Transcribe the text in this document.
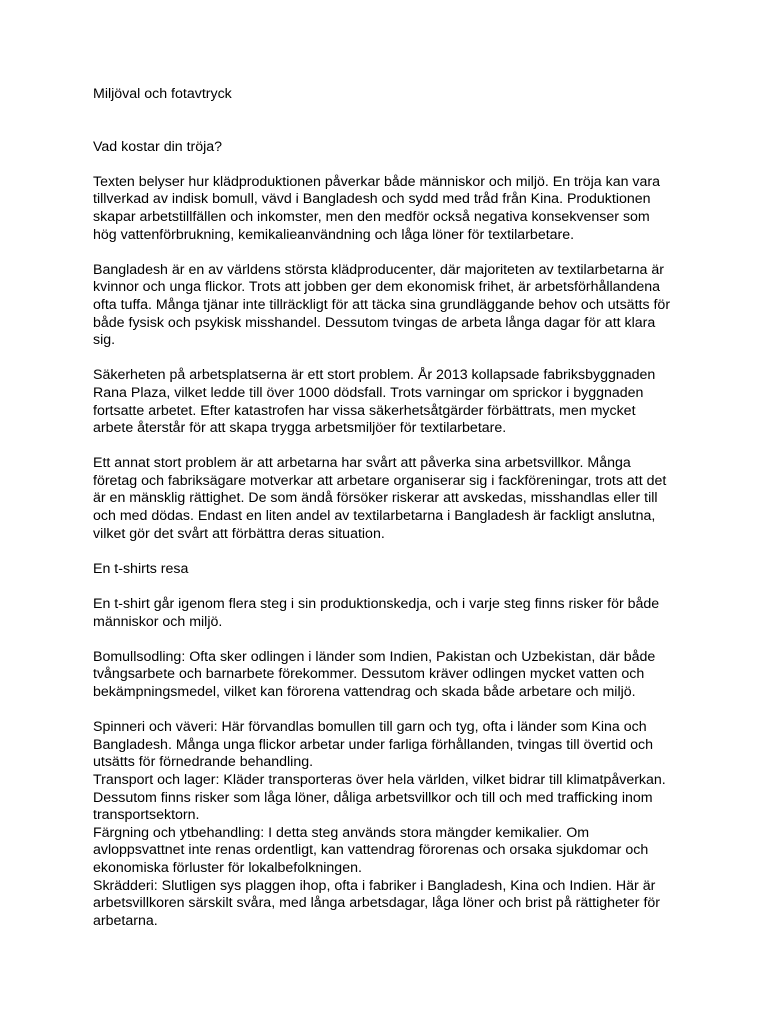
Miljöval och fotavtryck

Vad kostar din tröja?

Texten belyser hur klädproduktionen påverkar både människor och miljö. En tröja kan vara

tillverkad av indisk bomull, vävd i Bangladesh och sydd med tråd från Kina. Produktionen

skapar arbetstillfällen och inkomster, men den medför också negativa konsekvenser som

hög vattenförbrukning, kemikalieanvändning och låga löner för textilarbetare.

Bangladesh är en av världens största klädproducenter, där majoriteten av textilarbetarna är

kvinnor och unga flickor. Trots att jobben ger dem ekonomisk frihet, är arbetsförhållandena

ofta tuffa. Många tjänar inte tillräckligt för att täcka sina grundläggande behov och utsätts för

både fysisk och psykisk misshandel. Dessutom tvingas de arbeta långa dagar för att klara

sig.

Säkerheten på arbetsplatserna är ett stort problem. År 2013 kollapsade fabriksbyggnaden

Rana Plaza, vilket ledde till över 1000 dödsfall. Trots varningar om sprickor i byggnaden

fortsatte arbetet. Efter katastrofen har vissa säkerhetsåtgärder förbättrats, men mycket

arbete återstår för att skapa trygga arbetsmiljöer för textilarbetare.

Ett annat stort problem är att arbetarna har svårt att påverka sina arbetsvillkor. Många

företag och fabriksägare motverkar att arbetare organiserar sig i fackföreningar, trots att det

är en mänsklig rättighet. De som ändå försöker riskerar att avskedas, misshandlas eller till

och med dödas. Endast en liten andel av textilarbetarna i Bangladesh är fackligt anslutna,

vilket gör det svårt att förbättra deras situation.

En t-shirts resa

En t-shirt går igenom flera steg i sin produktionskedja, och i varje steg finns risker för både

människor och miljö.

Bomullsodling: Ofta sker odlingen i länder som Indien, Pakistan och Uzbekistan, där både

tvångsarbete och barnarbete förekommer. Dessutom kräver odlingen mycket vatten och

bekämpningsmedel, vilket kan förorena vattendrag och skada både arbetare och miljö.

Spinneri och väveri: Här förvandlas bomullen till garn och tyg, ofta i länder som Kina och

Bangladesh. Många unga flickor arbetar under farliga förhållanden, tvingas till övertid och

utsätts för förnedrande behandling.

Transport och lager: Kläder transporteras över hela världen, vilket bidrar till klimatpåverkan.

Dessutom finns risker som låga löner, dåliga arbetsvillkor och till och med trafficking inom

transportsektorn.

Färgning och ytbehandling: I detta steg används stora mängder kemikalier. Om

avloppsvattnet inte renas ordentligt, kan vattendrag förorenas och orsaka sjukdomar och

ekonomiska förluster för lokalbefolkningen.

Skrädderi: Slutligen sys plaggen ihop, ofta i fabriker i Bangladesh, Kina och Indien. Här är

arbetsvillkoren särskilt svåra, med långa arbetsdagar, låga löner och brist på rättigheter för

arbetarna.
